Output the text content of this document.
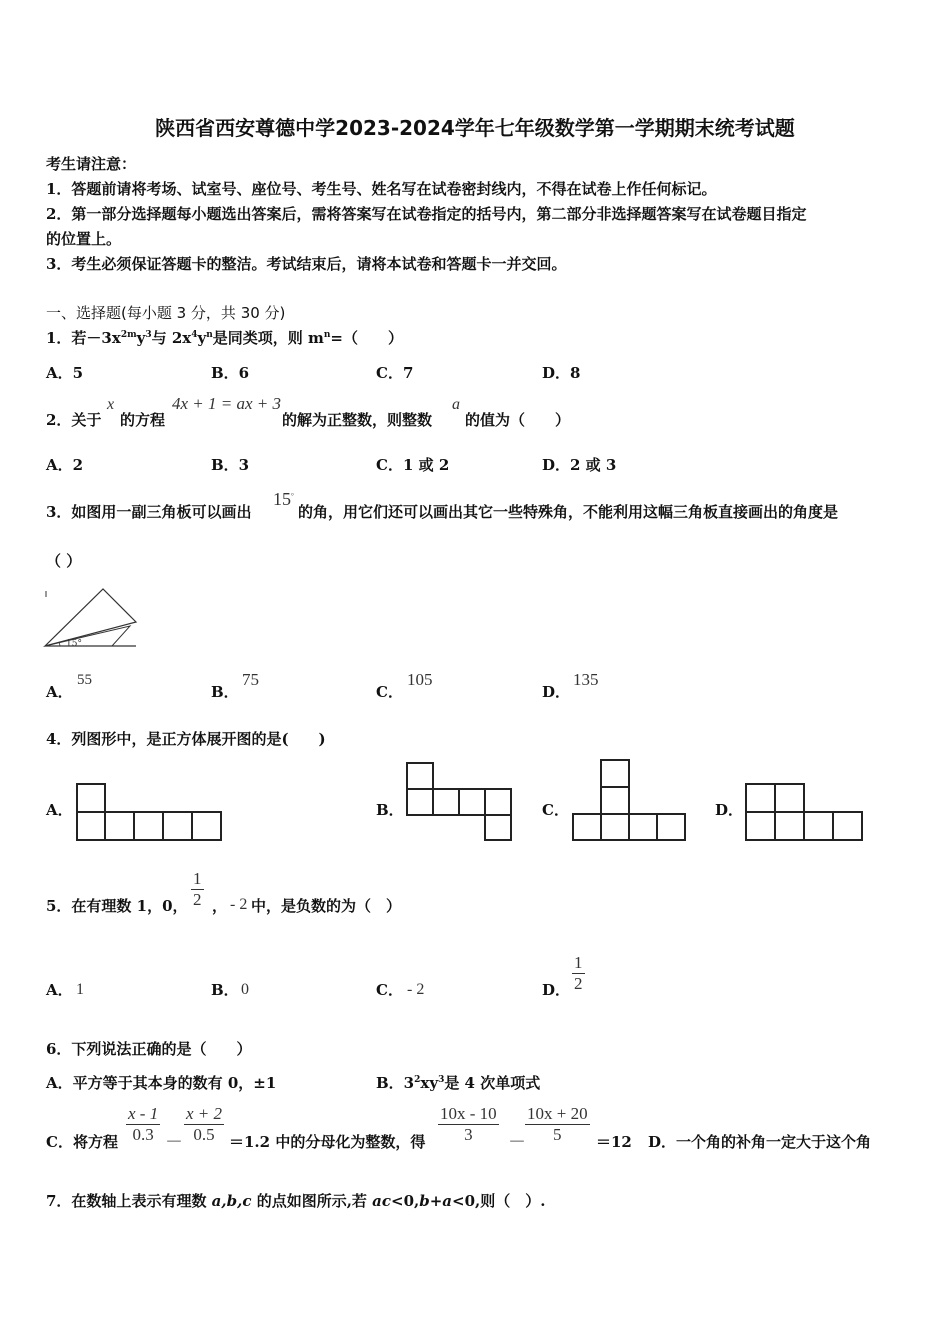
陕西省西安尊德中学2023-2024学年七年级数学第一学期期末统考试题
考生请注意：
1．答题前请将考场、试室号、座位号、考生号、姓名写在试卷密封线内，不得在试卷上作任何标记。
2．第一部分选择题每小题选出答案后，需将答案写在试卷指定的括号内，第二部分非选择题答案写在试卷题目指定
的位置上。
3．考生必须保证答题卡的整洁。考试结束后，请将本试卷和答题卡一并交回。
一、选择题(每小题 3 分，共 30 分)
1．若$-3x^{2m}y^3$与 $2x^4y^n$是同类项，则 $m^n=$（　　）
A．5	B．6	C．7	D．8
2．关于
x
的方程
4x + 1 = ax + 3
的解为正整数，则整数
a
的值为（　　）
A．2	B．3	C．1 或 2	D．2 或 3
3．如图用一副三角板可以画出
15°
的角，用它们还可以画出其它一些特殊角，不能利用这幅三角板直接画出的角度是
（ ）
15°
A．
55
B．
75
C．
105
D．
135
4．列图形中，是正方体展开图的是(　　)
A．	B．	C．	D．
5．在有理数 1，0， $\frac{1}{2}$ ， - 2 中，是负数的为（　）
A． 1	B． 0	C． - 2	D． $\frac{1}{2}$
6．下列说法正确的是（　　）
A．平方等于其本身的数有 0，±1	B．$3^2xy^3$是 4 次单项式
C．将方程 $\frac{x - 1}{0.3} - \frac{x + 2}{0.5} =1.2$ 中的分母化为整数，得 $\frac{10x - 10}{3} - \frac{10x + 20}{5} =12$ D．一个角的补角一定大于这个角
7．在数轴上表示有理数 a,b,c 的点如图所示,若 ac<0,b+a<0,则（　）.
